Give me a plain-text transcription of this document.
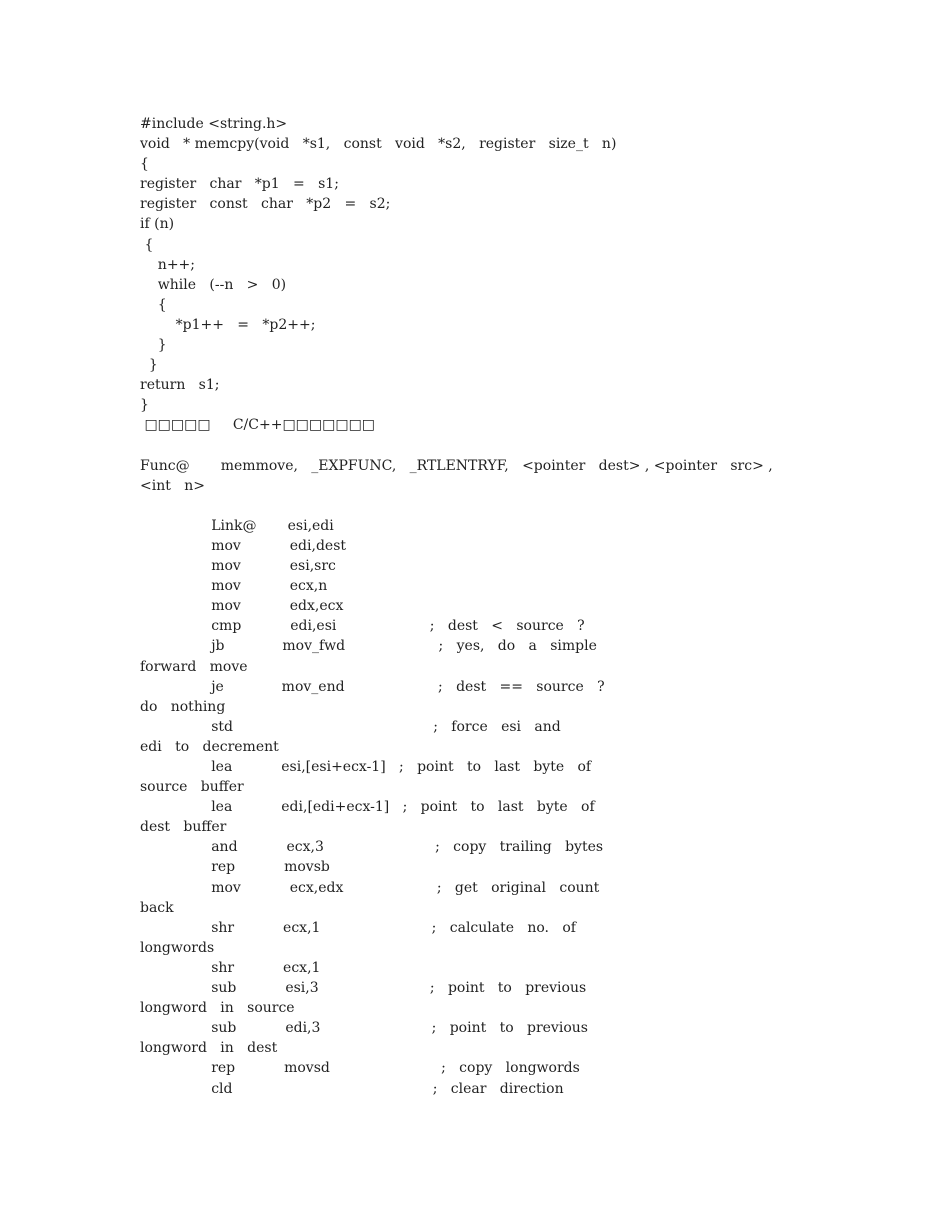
#include <string.h>
void   * memcpy(void   *s1,   const   void   *s2,   register   size_t   n)
{
register   char   *p1   =   s1;
register   const   char   *p2   =   s2;
if (n)
{
n++;
while   (--n   >   0)
{
*p1++   =   *p2++;
}
}
return   s1;
}
□□□□□     C/C++□□□□□□□
Func@       memmove,   _EXPFUNC,   _RTLENTRYF,   <pointer   dest> , <pointer   src> ,
<int   n>
Link@       esi,edi
mov           edi,dest
mov           esi,src
mov           ecx,n
mov           edx,ecx
cmp           edi,esi                     ;   dest   <   source   ?
jb             mov_fwd                     ;   yes,   do   a   simple
forward   move
je             mov_end                     ;   dest   ==   source   ?
do   nothing
std                                             ;   force   esi   and
edi   to   decrement
lea           esi,[esi+ecx-1]   ;   point   to   last   byte   of
source   buffer
lea           edi,[edi+ecx-1]   ;   point   to   last   byte   of
dest   buffer
and           ecx,3                         ;   copy   trailing   bytes
rep           movsb
mov           ecx,edx                     ;   get   original   count
back
shr           ecx,1                         ;   calculate   no.   of
longwords
shr           ecx,1
sub           esi,3                         ;   point   to   previous
longword   in   source
sub           edi,3                         ;   point   to   previous
longword   in   dest
rep           movsd                         ;   copy   longwords
cld                                             ;   clear   direction
